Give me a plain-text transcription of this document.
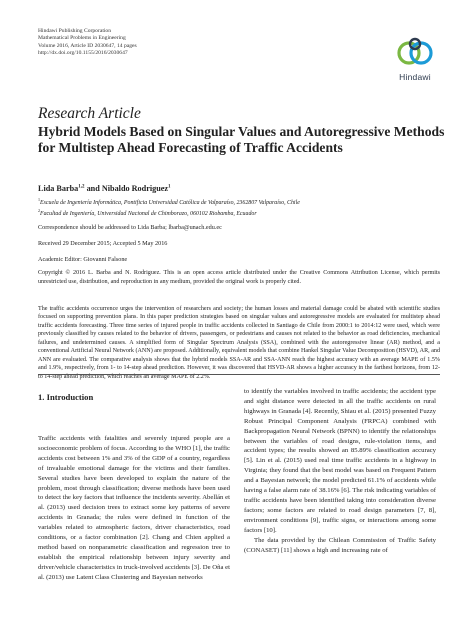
Hindawi Publishing Corporation
Mathematical Problems in Engineering
Volume 2016, Article ID 2030647, 14 pages
http://dx.doi.org/10.1155/2016/2030647
Hindawi
Research Article
Hybrid Models Based on Singular Values and Autoregressive Methods for Multistep Ahead Forecasting of Traffic Accidents
Lida Barba$^{1,2}$ and Nibaldo Rodriguez$^1$
$^1$Escuela de Ingeniería Informática, Pontificia Universidad Católica de Valparaíso, 2362807 Valparaíso, Chile
$^2$Facultad de Ingeniería, Universidad Nacional de Chimborazo, 060102 Riobamba, Ecuador
Correspondence should be addressed to Lida Barba; lbarba@unach.edu.ec
Received 29 December 2015; Accepted 5 May 2016
Academic Editor: Giovanni Falsone
Copyright © 2016 L. Barba and N. Rodriguez. This is an open access article distributed under the Creative Commons Attribution License, which permits unrestricted use, distribution, and reproduction in any medium, provided the original work is properly cited.
The traffic accidents occurrence urges the intervention of researchers and society; the human losses and material damage could be abated with scientific studies focused on supporting prevention plans. In this paper prediction strategies based on singular values and autoregressive models are evaluated for multistep ahead traffic accidents forecasting. Three time series of injured people in traffic accidents collected in Santiago de Chile from 2000:1 to 2014:12 were used, which were previously classified by causes related to the behavior of drivers, passengers, or pedestrians and causes not related to the behavior as road deficiencies, mechanical failures, and undetermined causes. A simplified form of Singular Spectrum Analysis (SSA), combined with the autoregressive linear (AR) method, and a conventional Artificial Neural Network (ANN) are proposed. Additionally, equivalent models that combine Hankel Singular Value Decomposition (HSVD), AR, and ANN are evaluated. The comparative analysis shows that the hybrid models SSA-AR and SSA-ANN reach the highest accuracy with an average MAPE of 1.5% and 1.9%, respectively, from 1- to 14-step ahead prediction. However, it was discovered that HSVD-AR shows a higher accuracy in the farthest horizons, from 12- to 14-step ahead prediction, which reaches an average MAPE of 2.2%.
1. Introduction

Traffic accidents with fatalities and severely injured people are a socioeconomic problem of focus. According to the WHO [1], the traffic accidents cost between 1% and 3% of the GDP of a country, regardless of invaluable emotional damage for the victims and their families. Several studies have been developed to explain the nature of the problem, most through classification; diverse methods have been used to detect the key factors that influence the incidents severity. Abellán et al. (2013) used decision trees to extract some key patterns of severe accidents in Granada; the rules were defined in function of the variables related to atmospheric factors, driver characteristics, road conditions, or a factor combination [2]. Chang and Chien applied a method based on nonparametric classification and regression tree to establish the empirical relationship between injury severity and driver/vehicle characteristics in truck-involved accidents [3]. De Oña et al. (2013) use Latent Class Clustering and Bayesian networks

to identify the variables involved in traffic accidents; the accident type and sight distance were detected in all the traffic accidents on rural highways in Granada [4]. Recently, Shiau et al. (2015) presented Fuzzy Robust Principal Component Analysis (FRPCA) combined with Backpropagation Neural Network (BPNN) to identify the relationships between the variables of road designs, rule-violation items, and accident types; the results showed an 85.89% classification accuracy [5]. Lin et al. (2015) used real time traffic accidents in a highway in Virginia; they found that the best model was based on Frequent Pattern and a Bayesian network; the model predicted 61.1% of accidents while having a false alarm rate of 38.16% [6]. The risk indicating variables of traffic accidents have been identified taking into consideration diverse factors; some factors are related to road design parameters [7, 8], environment conditions [9], traffic signs, or interactions among some factors [10].

The data provided by the Chilean Commission of Traffic Safety (CONASET) [11] shows a high and increasing rate of
